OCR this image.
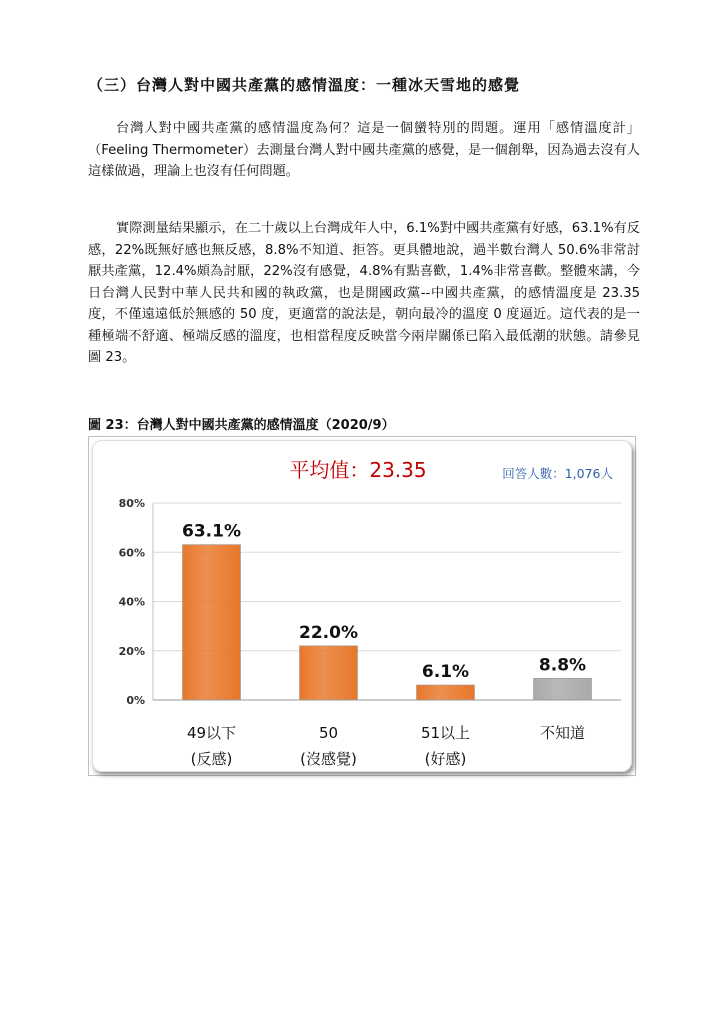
（三）台灣人對中國共產黨的感情溫度：一種冰天雪地的感覺

台灣人對中國共產黨的感情溫度為何？這是一個蠻特別的問題。運用「感情溫度計」（Feeling Thermometer）去測量台灣人對中國共產黨的感覺，是一個創舉，因為過去沒有人這樣做過，理論上也沒有任何問題。

實際測量結果顯示，在二十歲以上台灣成年人中，6.1%對中國共產黨有好感，63.1%有反感，22%既無好感也無反感，8.8%不知道、拒答。更具體地說，過半數台灣人 50.6%非常討厭共產黨，12.4%頗為討厭，22%沒有感覺，4.8%有點喜歡，1.4%非常喜歡。整體來講，今日台灣人民對中華人民共和國的執政黨，也是開國政黨--中國共產黨，的感情溫度是 23.35 度，不僅遠遠低於無感的 50 度，更適當的說法是，朝向最冷的溫度 0 度逼近。這代表的是一種極端不舒適、極端反感的溫度，也相當程度反映當今兩岸關係已陷入最低潮的狀態。請參見圖 23。

圖 23：台灣人對中國共產黨的感情溫度（2020/9）
0%
20%
40%
60%
80%
平均值：23.35	回答人數：1,076人
63.1%
49以下
(反感)
22.0%
50
(沒感覺)
6.1%
51以上
(好感)
8.8%
不知道
